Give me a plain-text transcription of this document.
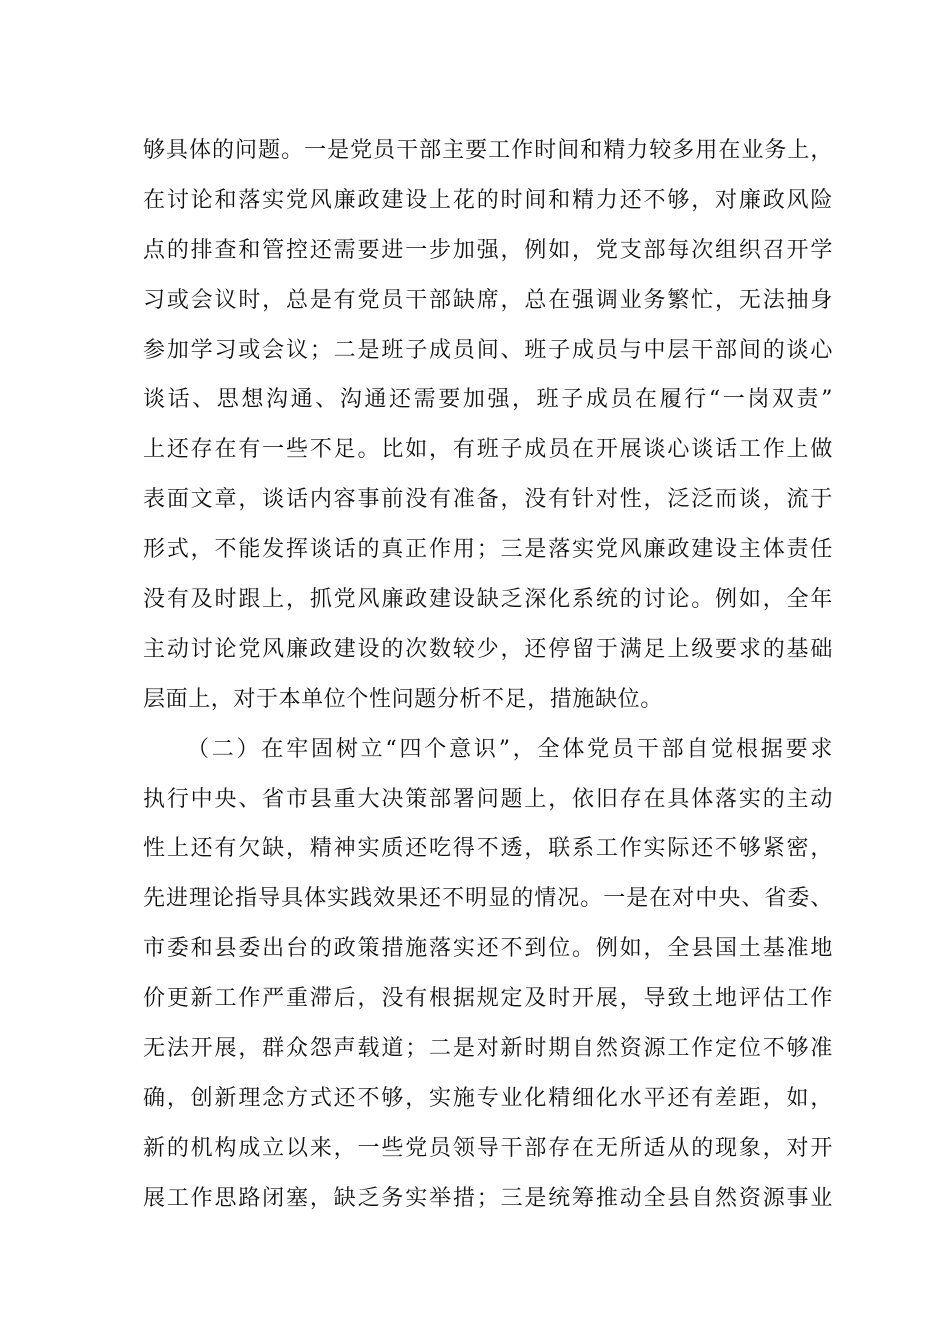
够具体的问题。一是党员干部主要工作时间和精力较多用在业务上，
在讨论和落实党风廉政建设上花的时间和精力还不够，对廉政风险
点的排查和管控还需要进一步加强，例如，党支部每次组织召开学
习或会议时，总是有党员干部缺席，总在强调业务繁忙，无法抽身
参加学习或会议；二是班子成员间、班子成员与中层干部间的谈心
谈话、思想沟通、沟通还需要加强，班子成员在履行“一岗双责”
上还存在有一些不足。比如，有班子成员在开展谈心谈话工作上做
表面文章，谈话内容事前没有准备，没有针对性，泛泛而谈，流于
形式，不能发挥谈话的真正作用；三是落实党风廉政建设主体责任
没有及时跟上，抓党风廉政建设缺乏深化系统的讨论。例如，全年
主动讨论党风廉政建设的次数较少，还停留于满足上级要求的基础
层面上，对于本单位个性问题分析不足，措施缺位。
（二）在牢固树立“四个意识”，全体党员干部自觉根据要求
执行中央、省市县重大决策部署问题上，依旧存在具体落实的主动
性上还有欠缺，精神实质还吃得不透，联系工作实际还不够紧密，
先进理论指导具体实践效果还不明显的情况。一是在对中央、省委、
市委和县委出台的政策措施落实还不到位。例如，全县国土基准地
价更新工作严重滞后，没有根据规定及时开展，导致土地评估工作
无法开展，群众怨声载道；二是对新时期自然资源工作定位不够准
确，创新理念方式还不够，实施专业化精细化水平还有差距，如，
新的机构成立以来，一些党员领导干部存在无所适从的现象，对开
展工作思路闭塞，缺乏务实举措；三是统筹推动全县自然资源事业
